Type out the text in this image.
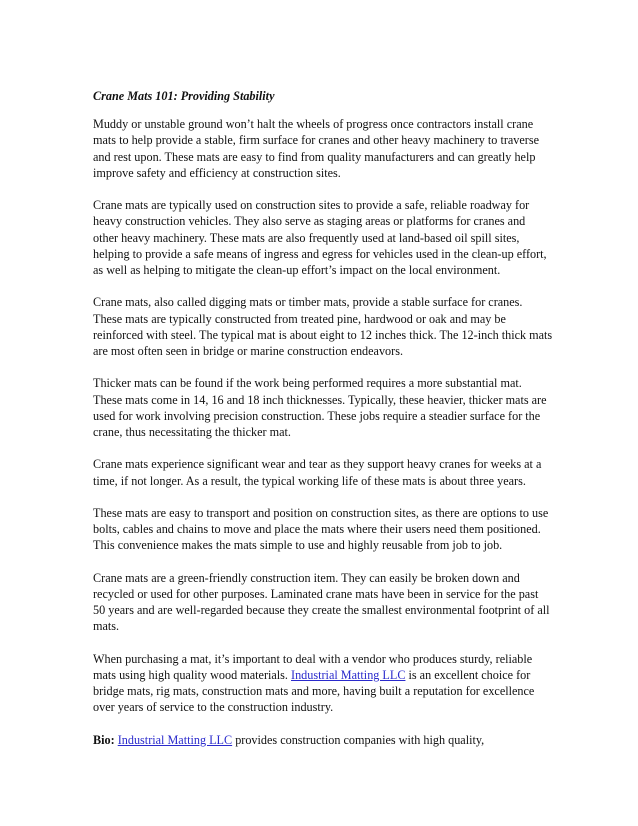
Crane Mats 101: Providing Stability

Muddy or unstable ground won’t halt the wheels of progress once contractors install crane mats to help provide a stable, firm surface for cranes and other heavy machinery to traverse and rest upon. These mats are easy to find from quality manufacturers and can greatly help improve safety and efficiency at construction sites.

Crane mats are typically used on construction sites to provide a safe, reliable roadway for heavy construction vehicles. They also serve as staging areas or platforms for cranes and other heavy machinery. These mats are also frequently used at land-based oil spill sites, helping to provide a safe means of ingress and egress for vehicles used in the clean-up effort, as well as helping to mitigate the clean-up effort’s impact on the local environment.

Crane mats, also called digging mats or timber mats, provide a stable surface for cranes. These mats are typically constructed from treated pine, hardwood or oak and may be reinforced with steel. The typical mat is about eight to 12 inches thick. The 12-inch thick mats are most often seen in bridge or marine construction endeavors.

Thicker mats can be found if the work being performed requires a more substantial mat. These mats come in 14, 16 and 18 inch thicknesses. Typically, these heavier, thicker mats are used for work involving precision construction. These jobs require a steadier surface for the crane, thus necessitating the thicker mat.

Crane mats experience significant wear and tear as they support heavy cranes for weeks at a time, if not longer. As a result, the typical working life of these mats is about three years.

These mats are easy to transport and position on construction sites, as there are options to use bolts, cables and chains to move and place the mats where their users need them positioned. This convenience makes the mats simple to use and highly reusable from job to job.

Crane mats are a green-friendly construction item. They can easily be broken down and recycled or used for other purposes. Laminated crane mats have been in service for the past 50 years and are well-regarded because they create the smallest environmental footprint of all mats.

When purchasing a mat, it’s important to deal with a vendor who produces sturdy, reliable mats using high quality wood materials. Industrial Matting LLC is an excellent choice for bridge mats, rig mats, construction mats and more, having built a reputation for excellence over years of service to the construction industry.

Bio: Industrial Matting LLC provides construction companies with high quality,
